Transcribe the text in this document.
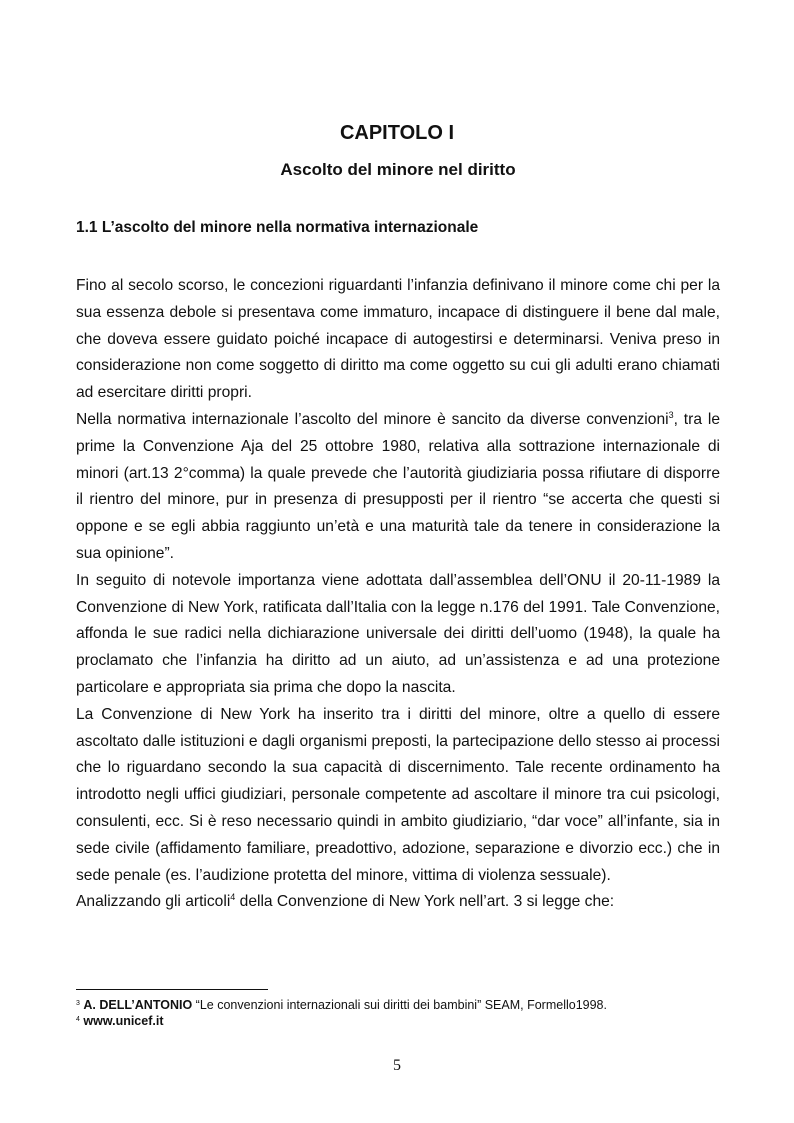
CAPITOLO I
Ascolto del minore nel diritto
1.1 L’ascolto del minore nella normativa internazionale

Fino al secolo scorso, le concezioni riguardanti l’infanzia definivano il minore come chi per la sua essenza debole si presentava come immaturo, incapace di distinguere il bene dal male, che doveva essere guidato poiché incapace di autogestirsi e determinarsi. Veniva preso in considerazione non come soggetto di diritto ma come oggetto su cui gli adulti erano chiamati ad esercitare diritti propri.

Nella normativa internazionale l’ascolto del minore è sancito da diverse convenzioni$^3$, tra le prime la Convenzione Aja del 25 ottobre 1980, relativa alla sottrazione internazionale di minori (art.13 2°comma) la quale prevede che l’autorità giudiziaria possa rifiutare di disporre il rientro del minore, pur in presenza di presupposti per il rientro “se accerta che questi si oppone e se egli abbia raggiunto un’età e una maturità tale da tenere in considerazione la sua opinione”.

In seguito di notevole importanza viene adottata dall’assemblea dell’ONU il 20-11-1989 la Convenzione di New York, ratificata dall’Italia con la legge n.176 del 1991. Tale Convenzione, affonda le sue radici nella dichiarazione universale dei diritti dell’uomo (1948), la quale ha proclamato che l’infanzia ha diritto ad un aiuto, ad un’assistenza e ad una protezione particolare e appropriata sia prima che dopo la nascita.

La Convenzione di New York ha inserito tra i diritti del minore, oltre a quello di essere ascoltato dalle istituzioni e dagli organismi preposti, la partecipazione dello stesso ai processi che lo riguardano secondo la sua capacità di discernimento. Tale recente ordinamento ha introdotto negli uffici giudiziari, personale competente ad ascoltare il minore tra cui psicologi, consulenti, ecc. Si è reso necessario quindi in ambito giudiziario, “dar voce” all’infante, sia in sede civile (affidamento familiare, preadottivo, adozione, separazione e divorzio ecc.) che in sede penale (es. l’audizione protetta del minore, vittima di violenza sessuale).

Analizzando gli articoli$^4$ della Convenzione di New York nell’art. 3 si legge che:

$^3$ A. DELL’ANTONIO “Le convenzioni internazionali sui diritti dei bambini” SEAM, Formello1998.

$^4$ www.unicef.it

5
